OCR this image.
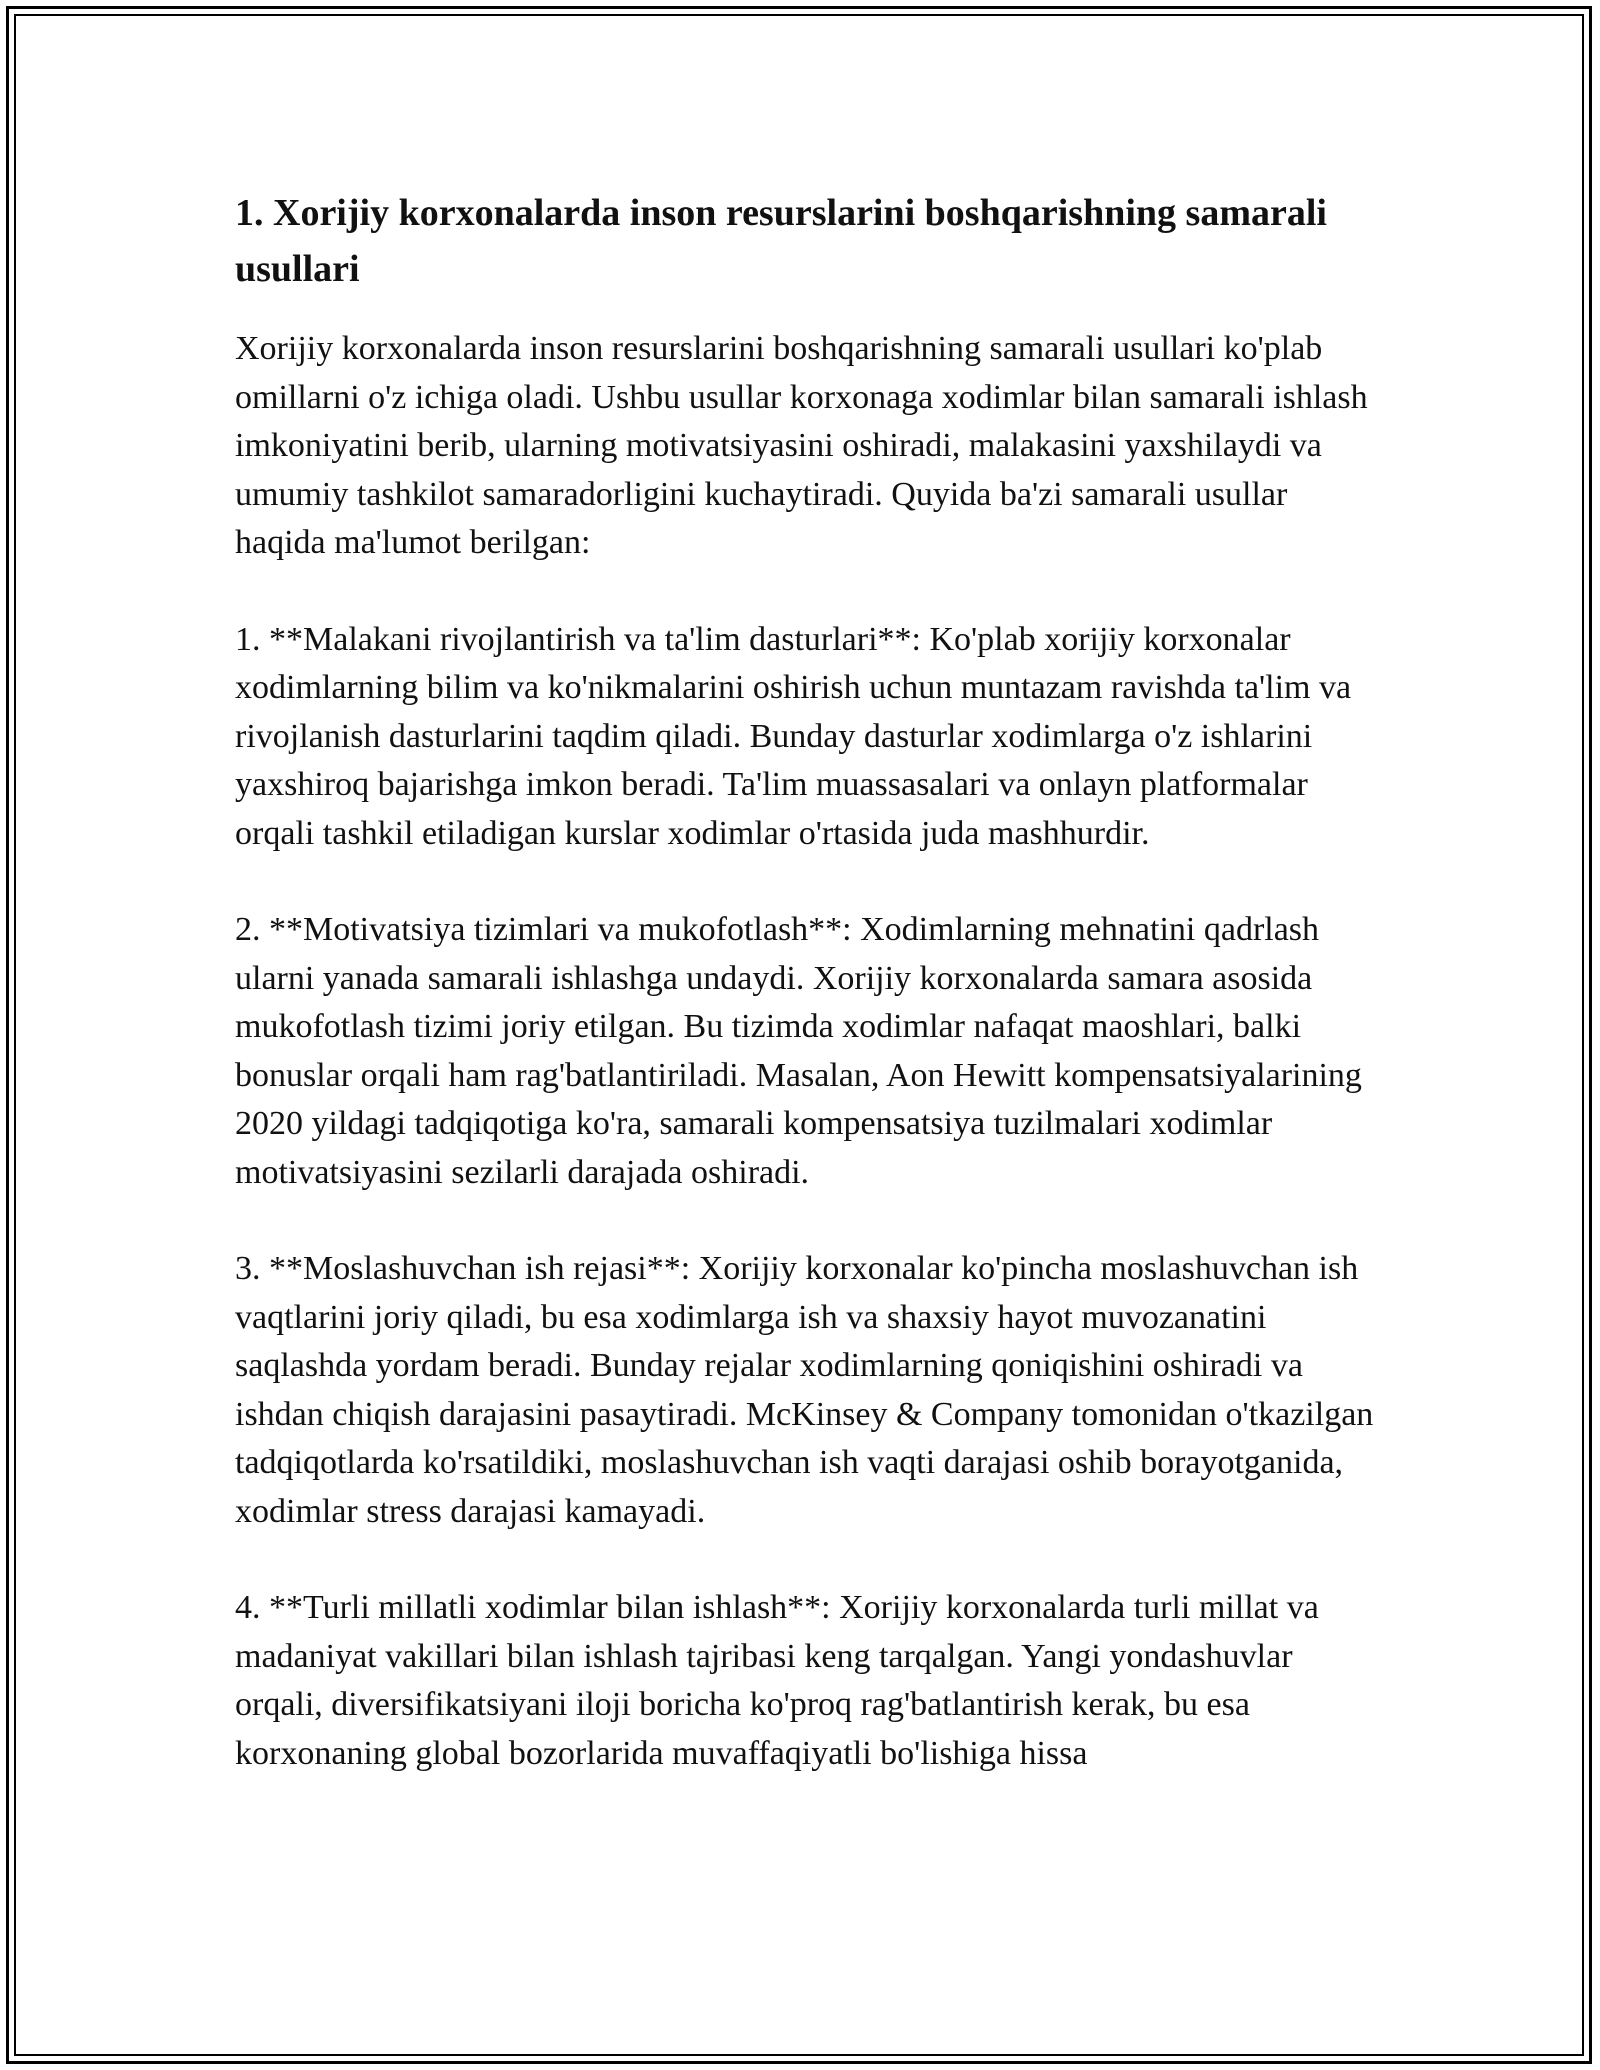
1. Xorijiy korxonalarda inson resurslarini boshqarishning samarali usullari

Xorijiy korxonalarda inson resurslarini boshqarishning samarali usullari ko'plab omillarni o'z ichiga oladi. Ushbu usullar korxonaga xodimlar bilan samarali ishlash imkoniyatini berib, ularning motivatsiyasini oshiradi, malakasini yaxshilaydi va umumiy tashkilot samaradorligini kuchaytiradi. Quyida ba'zi samarali usullar haqida ma'lumot berilgan:

1. **Malakani rivojlantirish va ta'lim dasturlari**: Ko'plab xorijiy korxonalar xodimlarning bilim va ko'nikmalarini oshirish uchun muntazam ravishda ta'lim va rivojlanish dasturlarini taqdim qiladi. Bunday dasturlar xodimlarga o'z ishlarini yaxshiroq bajarishga imkon beradi. Ta'lim muassasalari va onlayn platformalar orqali tashkil etiladigan kurslar xodimlar o'rtasida juda mashhurdir.

2. **Motivatsiya tizimlari va mukofotlash**: Xodimlarning mehnatini qadrlash ularni yanada samarali ishlashga undaydi. Xorijiy korxonalarda samara asosida mukofotlash tizimi joriy etilgan. Bu tizimda xodimlar nafaqat maoshlari, balki bonuslar orqali ham rag'batlantiriladi. Masalan, Aon Hewitt kompensatsiyalarining 2020 yildagi tadqiqotiga ko'ra, samarali kompensatsiya tuzilmalari xodimlar motivatsiyasini sezilarli darajada oshiradi.

3. **Moslashuvchan ish rejasi**: Xorijiy korxonalar ko'pincha moslashuvchan ish vaqtlarini joriy qiladi, bu esa xodimlarga ish va shaxsiy hayot muvozanatini saqlashda yordam beradi. Bunday rejalar xodimlarning qoniqishini oshiradi va ishdan chiqish darajasini pasaytiradi. McKinsey & Company tomonidan o'tkazilgan tadqiqotlarda ko'rsatildiki, moslashuvchan ish vaqti darajasi oshib borayotganida, xodimlar stress darajasi kamayadi.

4. **Turli millatli xodimlar bilan ishlash**: Xorijiy korxonalarda turli millat va madaniyat vakillari bilan ishlash tajribasi keng tarqalgan. Yangi yondashuvlar orqali, diversifikatsiyani iloji boricha ko'proq rag'batlantirish kerak, bu esa korxonaning global bozorlarida muvaffaqiyatli bo'lishiga hissa
